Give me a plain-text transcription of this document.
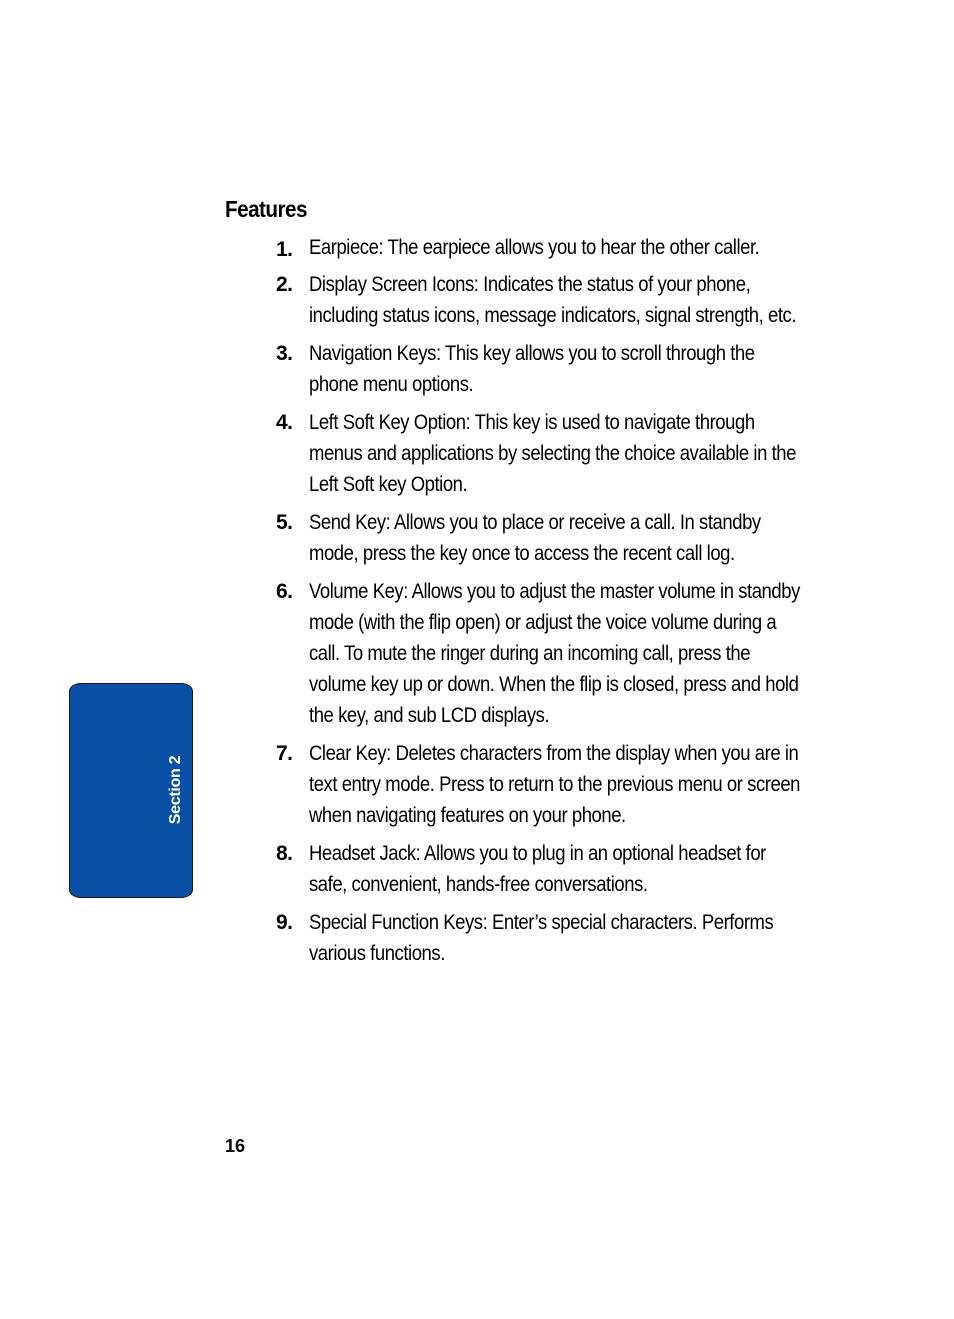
Features
1. Earpiece: The earpiece allows you to hear the other caller.
2. Display Screen Icons: Indicates the status of your phone, including status icons, message indicators, signal strength, etc.
3. Navigation Keys: This key allows you to scroll through the phone menu options.
4. Left Soft Key Option: This key is used to navigate through menus and applications by selecting the choice available in the Left Soft key Option.
5. Send Key: Allows you to place or receive a call. In standby mode, press the key once to access the recent call log.
6. Volume Key: Allows you to adjust the master volume in standby mode (with the flip open) or adjust the voice volume during a call. To mute the ringer during an incoming call, press the volume key up or down. When the flip is closed, press and hold the key, and sub LCD displays.
7. Clear Key: Deletes characters from the display when you are in text entry mode. Press to return to the previous menu or screen when navigating features on your phone.
8. Headset Jack: Allows you to plug in an optional headset for safe, convenient, hands-free conversations.
9. Special Function Keys: Enter’s special characters. Performs various functions.
Section 2
16
